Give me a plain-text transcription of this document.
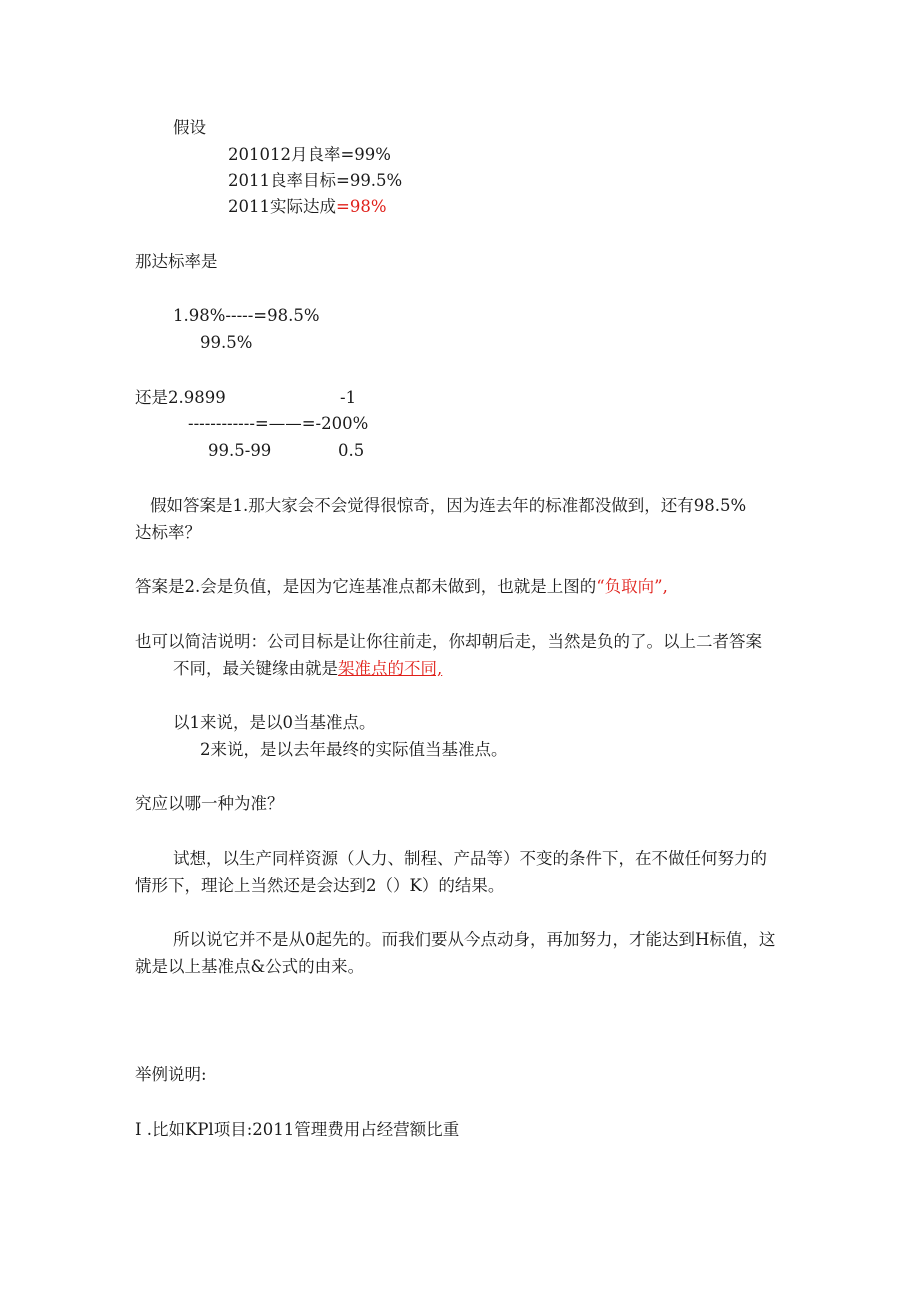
假设
201012月良率=99%
2011良率目标=99.5%
2011实际达成=98%
那达标率是
1.98%-----=98.5%
99.5%
还是2.9899	-1
------------=——=-200%
99.5-99	0.5
假如答案是1.那大家会不会觉得很惊奇，因为连去年的标准都没做到，还有98.5%
达标率？
答案是2.会是负值，是因为它连基准点都未做到，也就是上图的“负取向”,
也可以简洁说明：公司目标是让你往前走，你却朝后走，当然是负的了。以上二者答案
不同，最关键缘由就是架准点的不同,
以1来说，是以0当基准点。
2来说，是以去年最终的实际值当基准点。
究应以哪一种为准？
试想，以生产同样资源（人力、制程、产品等）不变的条件下，在不做任何努力的
情形下，理论上当然还是会达到2（）K）的结果。
所以说它并不是从0起先的。而我们要从今点动身，再加努力，才能达到H标值，这
就是以上基准点&公式的由来。
举例说明:
I .比如KPl项目:2011管理费用占经营额比重
